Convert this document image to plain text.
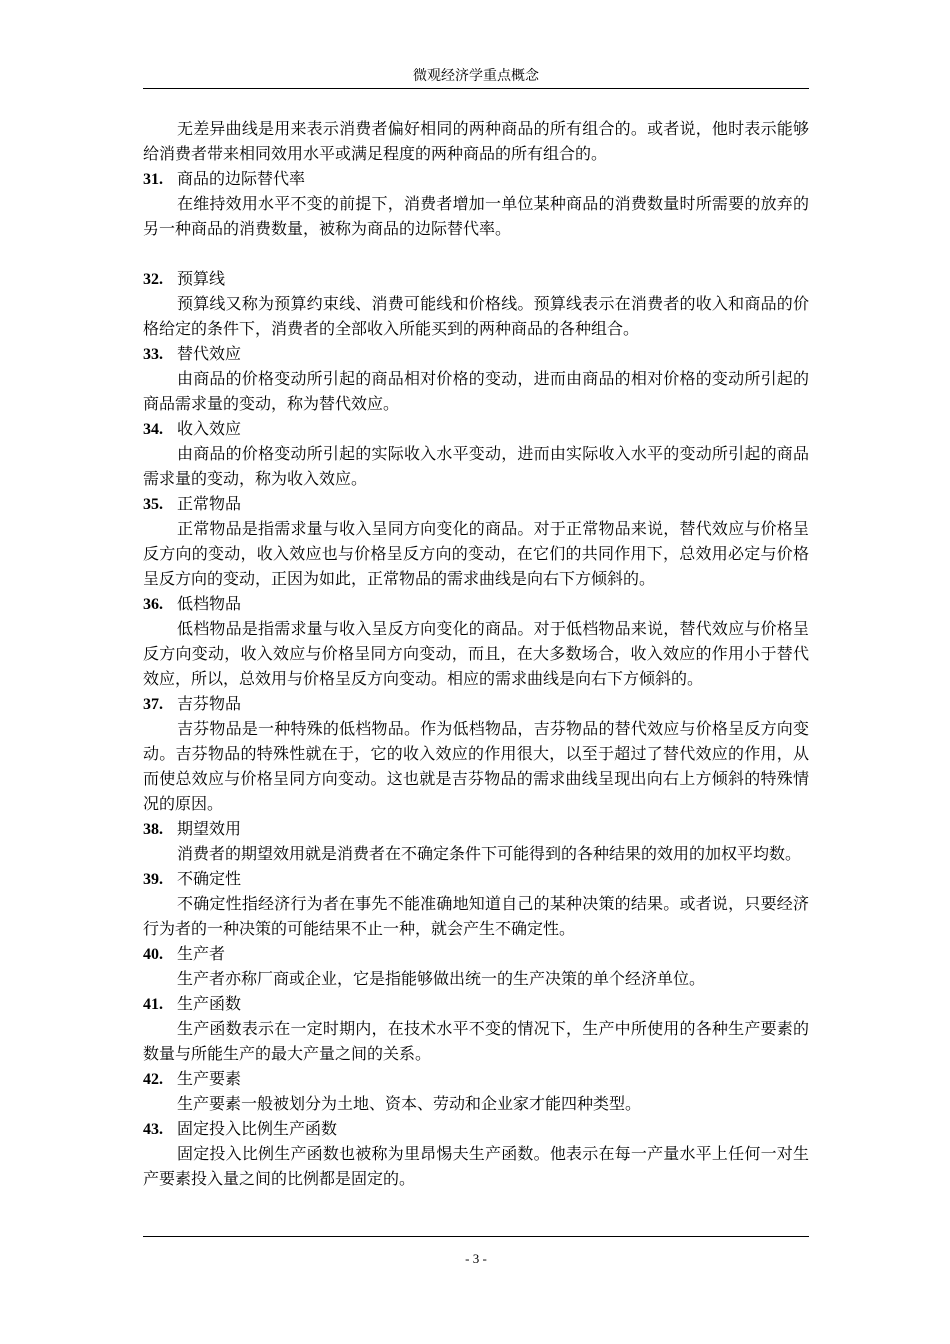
微观经济学重点概念

无差异曲线是用来表示消费者偏好相同的两种商品的所有组合的。或者说，他时表示能够给消费者带来相同效用水平或满足程度的两种商品的所有组合的。

31. 商品的边际替代率

在维持效用水平不变的前提下，消费者增加一单位某种商品的消费数量时所需要的放弃的另一种商品的消费数量，被称为商品的边际替代率。

32. 预算线

预算线又称为预算约束线、消费可能线和价格线。预算线表示在消费者的收入和商品的价格给定的条件下，消费者的全部收入所能买到的两种商品的各种组合。

33. 替代效应

由商品的价格变动所引起的商品相对价格的变动，进而由商品的相对价格的变动所引起的商品需求量的变动，称为替代效应。

34. 收入效应

由商品的价格变动所引起的实际收入水平变动，进而由实际收入水平的变动所引起的商品需求量的变动，称为收入效应。

35. 正常物品

正常物品是指需求量与收入呈同方向变化的商品。对于正常物品来说，替代效应与价格呈反方向的变动，收入效应也与价格呈反方向的变动，在它们的共同作用下，总效用必定与价格呈反方向的变动，正因为如此，正常物品的需求曲线是向右下方倾斜的。

36. 低档物品

低档物品是指需求量与收入呈反方向变化的商品。对于低档物品来说，替代效应与价格呈反方向变动，收入效应与价格呈同方向变动，而且，在大多数场合，收入效应的作用小于替代效应，所以，总效用与价格呈反方向变动。相应的需求曲线是向右下方倾斜的。

37. 吉芬物品

吉芬物品是一种特殊的低档物品。作为低档物品，吉芬物品的替代效应与价格呈反方向变动。吉芬物品的特殊性就在于，它的收入效应的作用很大，以至于超过了替代效应的作用，从而使总效应与价格呈同方向变动。这也就是吉芬物品的需求曲线呈现出向右上方倾斜的特殊情况的原因。

38. 期望效用

消费者的期望效用就是消费者在不确定条件下可能得到的各种结果的效用的加权平均数。

39. 不确定性

不确定性指经济行为者在事先不能准确地知道自己的某种决策的结果。或者说，只要经济行为者的一种决策的可能结果不止一种，就会产生不确定性。

40. 生产者

生产者亦称厂商或企业，它是指能够做出统一的生产决策的单个经济单位。

41. 生产函数

生产函数表示在一定时期内，在技术水平不变的情况下，生产中所使用的各种生产要素的数量与所能生产的最大产量之间的关系。

42. 生产要素

生产要素一般被划分为土地、资本、劳动和企业家才能四种类型。

43. 固定投入比例生产函数

固定投入比例生产函数也被称为里昂惕夫生产函数。他表示在每一产量水平上任何一对生产要素投入量之间的比例都是固定的。

- 3 -
